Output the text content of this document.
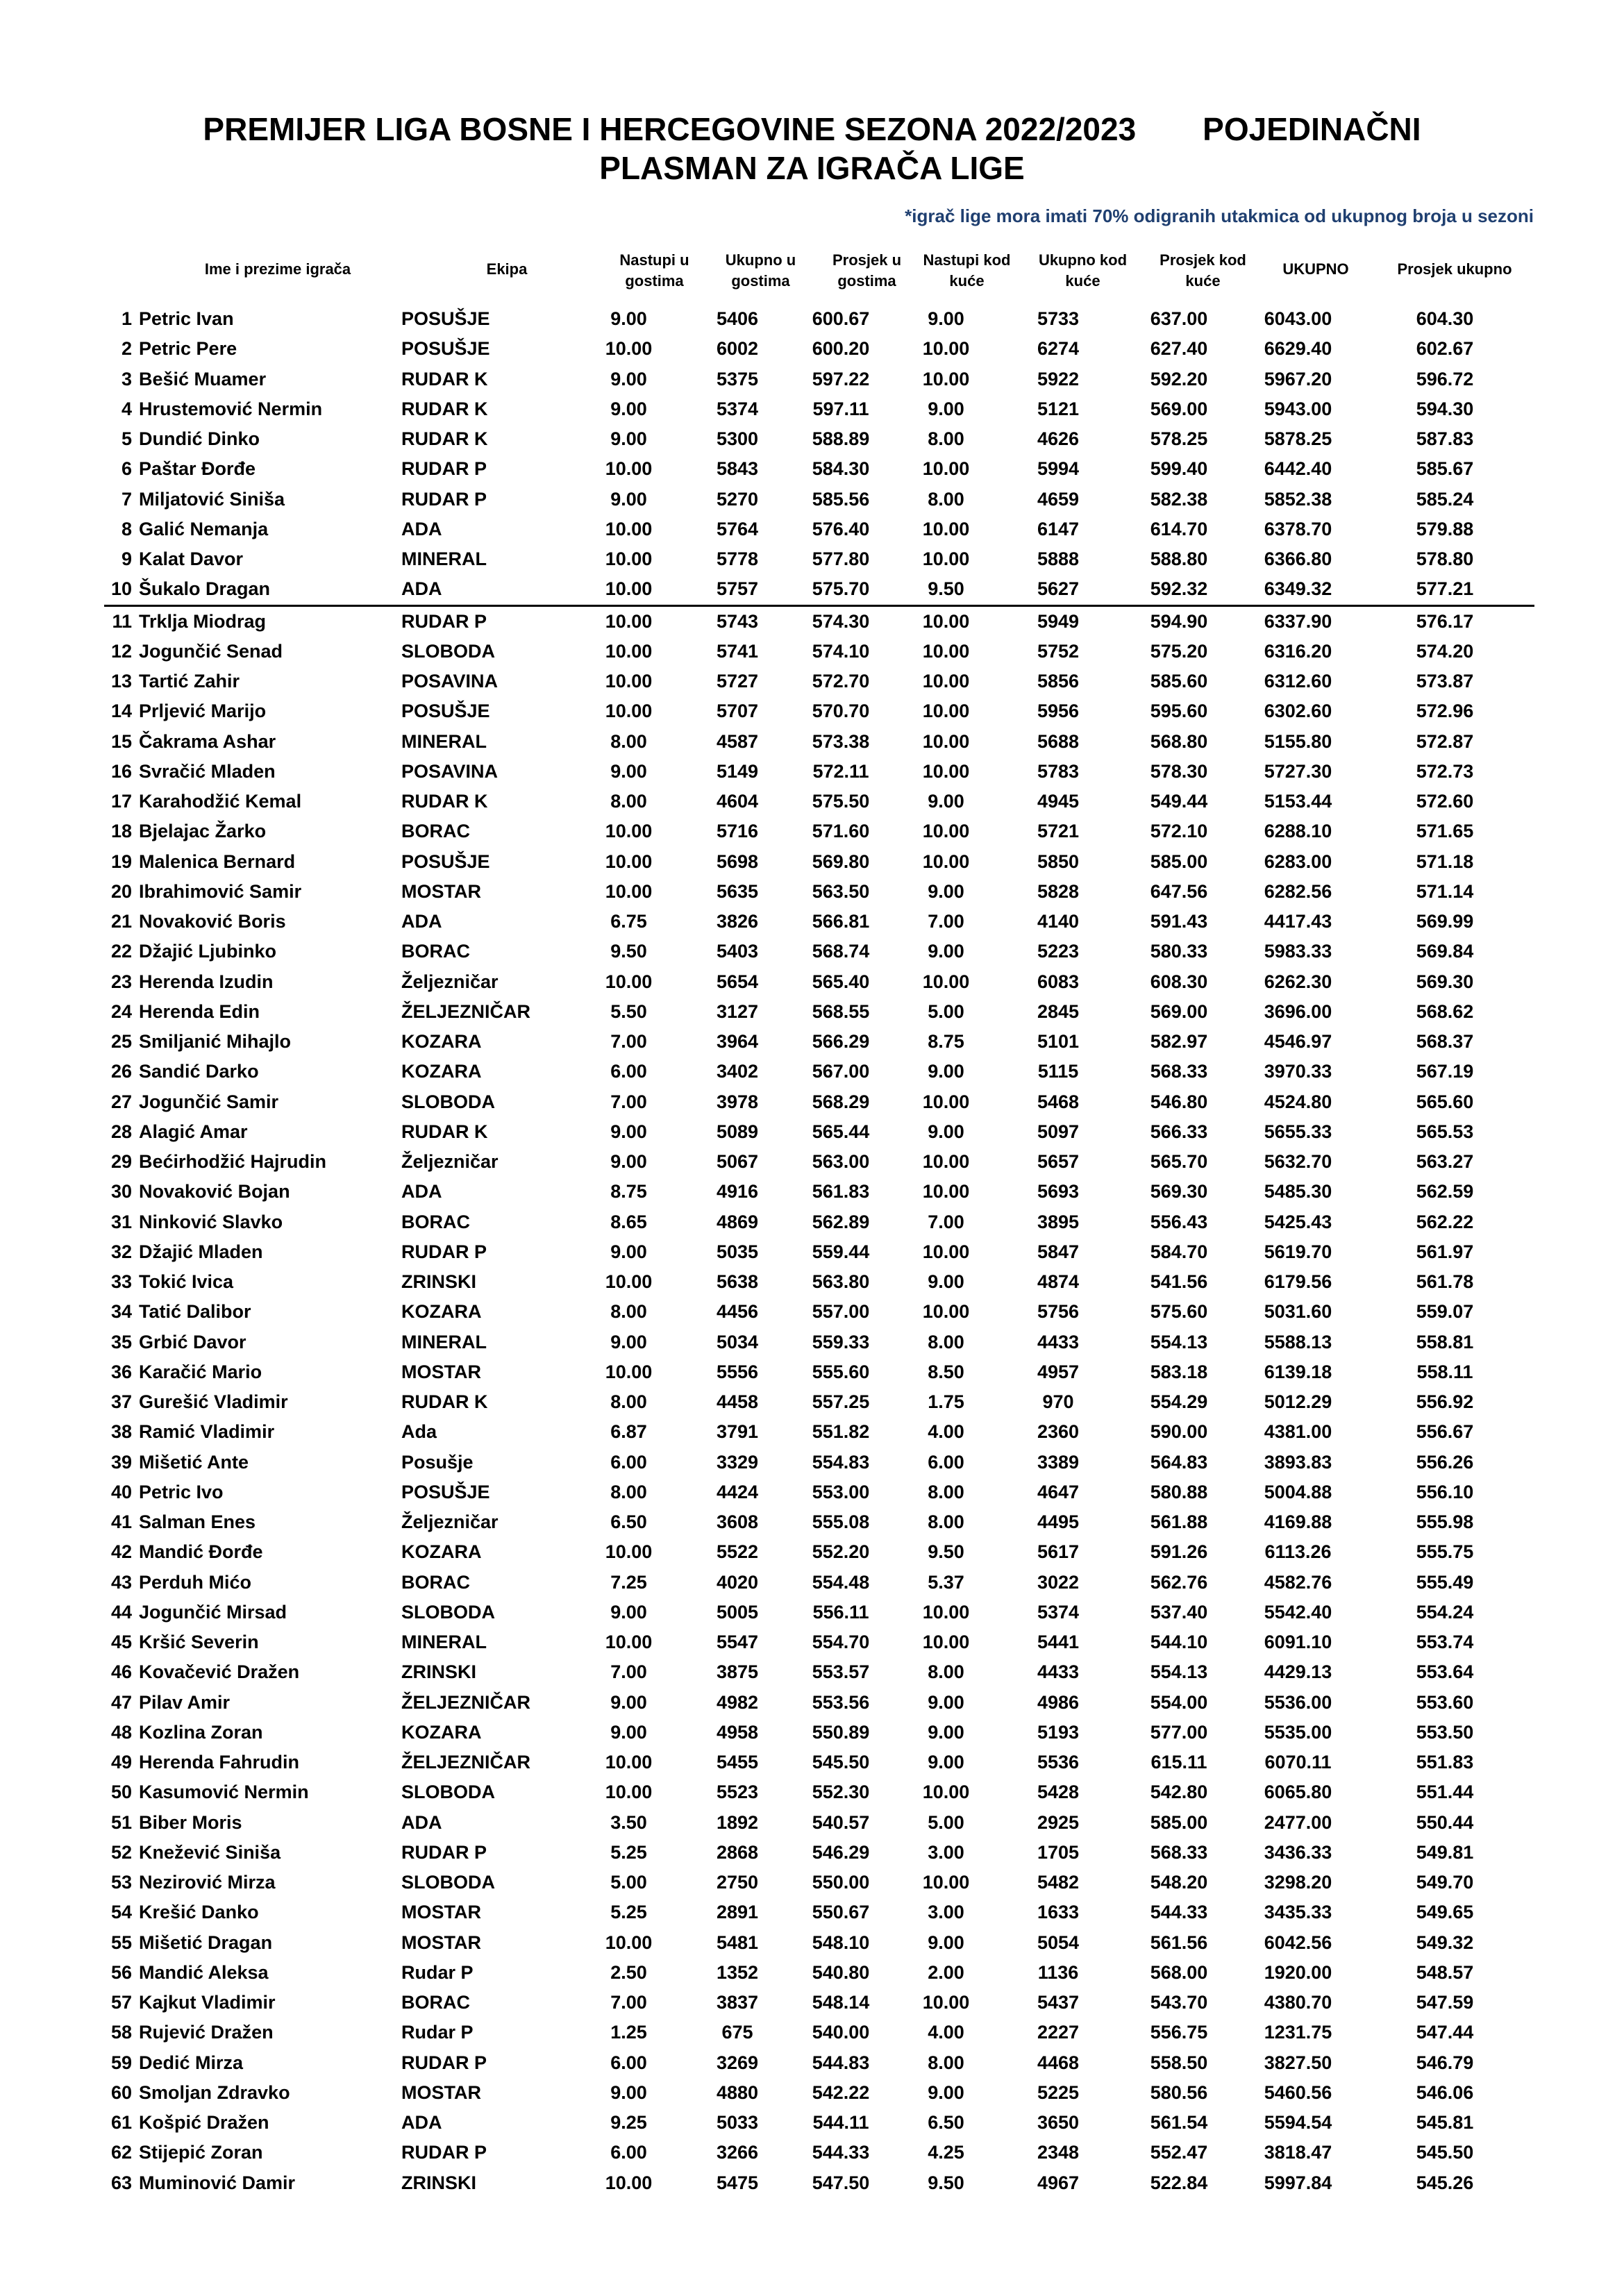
PREMIJER LIGA BOSNE I HERCEGOVINE SEZONA 2022/2023 POJEDINAČNI
PLASMAN ZA IGRAČA LIGE
*igrač lige mora imati 70% odigranih utakmica od ukupnog broja u sezoni
Ime i prezime igrača	Ekipa
Nastupi u
gostima
Ukupno u
gostima
Prosjek u
gostima
Nastupi kod
kuće
Ukupno kod
kuće
Prosjek kod
kuće
UKUPNO	Prosjek ukupno
1	Petric Ivan	POSUŠJE	9.00	5406	600.67	9.00	5733	637.00	6043.00	604.30
2	Petric Pere	POSUŠJE	10.00	6002	600.20	10.00	6274	627.40	6629.40	602.67
3	Bešić Muamer	RUDAR K	9.00	5375	597.22	10.00	5922	592.20	5967.20	596.72
4	Hrustemović Nermin	RUDAR K	9.00	5374	597.11	9.00	5121	569.00	5943.00	594.30
5	Dundić Dinko	RUDAR K	9.00	5300	588.89	8.00	4626	578.25	5878.25	587.83
6	Paštar Đorđe	RUDAR P	10.00	5843	584.30	10.00	5994	599.40	6442.40	585.67
7	Miljatović Siniša	RUDAR P	9.00	5270	585.56	8.00	4659	582.38	5852.38	585.24
8	Galić Nemanja	ADA	10.00	5764	576.40	10.00	6147	614.70	6378.70	579.88
9	Kalat Davor	MINERAL	10.00	5778	577.80	10.00	5888	588.80	6366.80	578.80
10	Šukalo Dragan	ADA	10.00	5757	575.70	9.50	5627	592.32	6349.32	577.21
11	Trklja Miodrag	RUDAR P	10.00	5743	574.30	10.00	5949	594.90	6337.90	576.17
12	Jogunčić Senad	SLOBODA	10.00	5741	574.10	10.00	5752	575.20	6316.20	574.20
13	Tartić Zahir	POSAVINA	10.00	5727	572.70	10.00	5856	585.60	6312.60	573.87
14	Prljević Marijo	POSUŠJE	10.00	5707	570.70	10.00	5956	595.60	6302.60	572.96
15	Čakrama Ashar	MINERAL	8.00	4587	573.38	10.00	5688	568.80	5155.80	572.87
16	Svračić Mladen	POSAVINA	9.00	5149	572.11	10.00	5783	578.30	5727.30	572.73
17	Karahodžić Kemal	RUDAR K	8.00	4604	575.50	9.00	4945	549.44	5153.44	572.60
18	Bjelajac Žarko	BORAC	10.00	5716	571.60	10.00	5721	572.10	6288.10	571.65
19	Malenica Bernard	POSUŠJE	10.00	5698	569.80	10.00	5850	585.00	6283.00	571.18
20	Ibrahimović Samir	MOSTAR	10.00	5635	563.50	9.00	5828	647.56	6282.56	571.14
21	Novaković Boris	ADA	6.75	3826	566.81	7.00	4140	591.43	4417.43	569.99
22	Džajić Ljubinko	BORAC	9.50	5403	568.74	9.00	5223	580.33	5983.33	569.84
23	Herenda Izudin	Željezničar	10.00	5654	565.40	10.00	6083	608.30	6262.30	569.30
24	Herenda Edin	ŽELJEZNIČAR	5.50	3127	568.55	5.00	2845	569.00	3696.00	568.62
25	Smiljanić Mihajlo	KOZARA	7.00	3964	566.29	8.75	5101	582.97	4546.97	568.37
26	Sandić Darko	KOZARA	6.00	3402	567.00	9.00	5115	568.33	3970.33	567.19
27	Jogunčić Samir	SLOBODA	7.00	3978	568.29	10.00	5468	546.80	4524.80	565.60
28	Alagić Amar	RUDAR K	9.00	5089	565.44	9.00	5097	566.33	5655.33	565.53
29	Bećirhodžić Hajrudin	Željezničar	9.00	5067	563.00	10.00	5657	565.70	5632.70	563.27
30	Novaković Bojan	ADA	8.75	4916	561.83	10.00	5693	569.30	5485.30	562.59
31	Ninković Slavko	BORAC	8.65	4869	562.89	7.00	3895	556.43	5425.43	562.22
32	Džajić Mladen	RUDAR P	9.00	5035	559.44	10.00	5847	584.70	5619.70	561.97
33	Tokić Ivica	ZRINSKI	10.00	5638	563.80	9.00	4874	541.56	6179.56	561.78
34	Tatić Dalibor	KOZARA	8.00	4456	557.00	10.00	5756	575.60	5031.60	559.07
35	Grbić Davor	MINERAL	9.00	5034	559.33	8.00	4433	554.13	5588.13	558.81
36	Karačić Mario	MOSTAR	10.00	5556	555.60	8.50	4957	583.18	6139.18	558.11
37	Gurešić Vladimir	RUDAR K	8.00	4458	557.25	1.75	970	554.29	5012.29	556.92
38	Ramić Vladimir	Ada	6.87	3791	551.82	4.00	2360	590.00	4381.00	556.67
39	Mišetić Ante	Posušje	6.00	3329	554.83	6.00	3389	564.83	3893.83	556.26
40	Petric Ivo	POSUŠJE	8.00	4424	553.00	8.00	4647	580.88	5004.88	556.10
41	Salman Enes	Željezničar	6.50	3608	555.08	8.00	4495	561.88	4169.88	555.98
42	Mandić Đorđe	KOZARA	10.00	5522	552.20	9.50	5617	591.26	6113.26	555.75
43	Perduh Mićo	BORAC	7.25	4020	554.48	5.37	3022	562.76	4582.76	555.49
44	Jogunčić Mirsad	SLOBODA	9.00	5005	556.11	10.00	5374	537.40	5542.40	554.24
45	Kršić Severin	MINERAL	10.00	5547	554.70	10.00	5441	544.10	6091.10	553.74
46	Kovačević Dražen	ZRINSKI	7.00	3875	553.57	8.00	4433	554.13	4429.13	553.64
47	Pilav Amir	ŽELJEZNIČAR	9.00	4982	553.56	9.00	4986	554.00	5536.00	553.60
48	Kozlina Zoran	KOZARA	9.00	4958	550.89	9.00	5193	577.00	5535.00	553.50
49	Herenda Fahrudin	ŽELJEZNIČAR	10.00	5455	545.50	9.00	5536	615.11	6070.11	551.83
50	Kasumović Nermin	SLOBODA	10.00	5523	552.30	10.00	5428	542.80	6065.80	551.44
51	Biber Moris	ADA	3.50	1892	540.57	5.00	2925	585.00	2477.00	550.44
52	Knežević Siniša	RUDAR P	5.25	2868	546.29	3.00	1705	568.33	3436.33	549.81
53	Nezirović Mirza	SLOBODA	5.00	2750	550.00	10.00	5482	548.20	3298.20	549.70
54	Krešić Danko	MOSTAR	5.25	2891	550.67	3.00	1633	544.33	3435.33	549.65
55	Mišetić Dragan	MOSTAR	10.00	5481	548.10	9.00	5054	561.56	6042.56	549.32
56	Mandić Aleksa	Rudar P	2.50	1352	540.80	2.00	1136	568.00	1920.00	548.57
57	Kajkut Vladimir	BORAC	7.00	3837	548.14	10.00	5437	543.70	4380.70	547.59
58	Rujević Dražen	Rudar P	1.25	675	540.00	4.00	2227	556.75	1231.75	547.44
59	Dedić Mirza	RUDAR P	6.00	3269	544.83	8.00	4468	558.50	3827.50	546.79
60	Smoljan Zdravko	MOSTAR	9.00	4880	542.22	9.00	5225	580.56	5460.56	546.06
61	Košpić Dražen	ADA	9.25	5033	544.11	6.50	3650	561.54	5594.54	545.81
62	Stijepić Zoran	RUDAR P	6.00	3266	544.33	4.25	2348	552.47	3818.47	545.50
63	Muminović Damir	ZRINSKI	10.00	5475	547.50	9.50	4967	522.84	5997.84	545.26
